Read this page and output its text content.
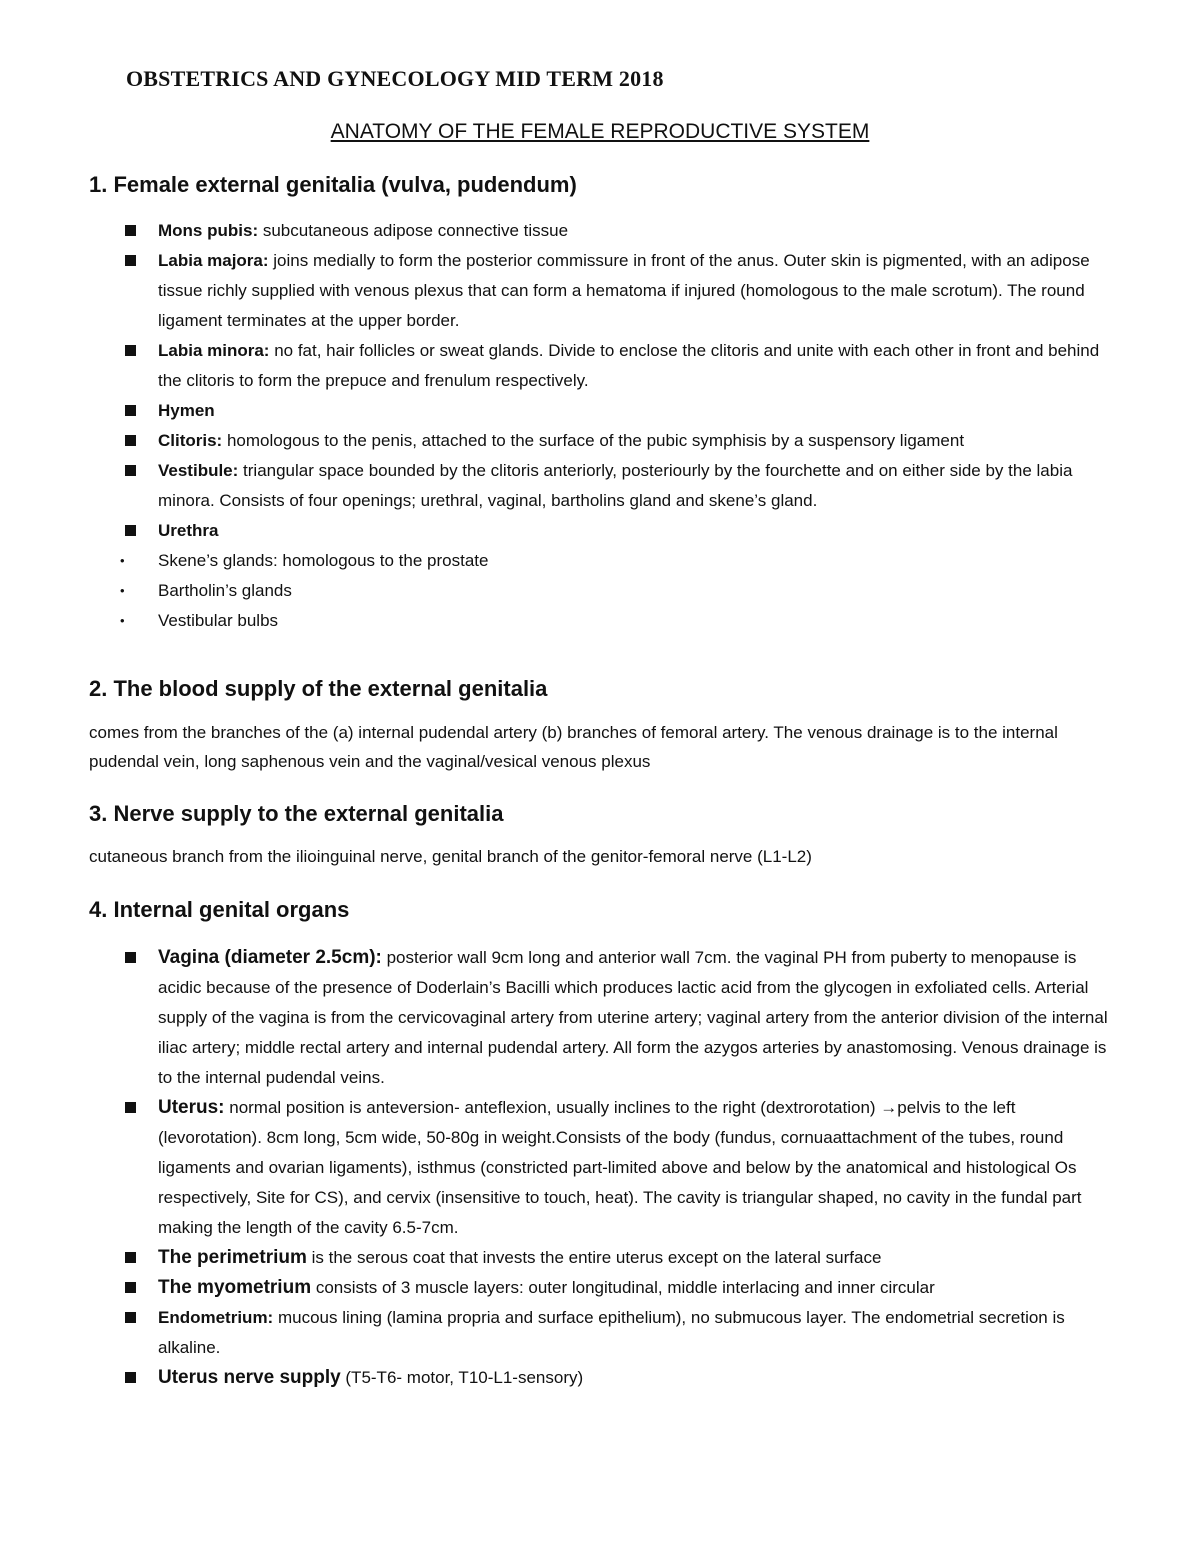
OBSTETRICS AND GYNECOLOGY MID TERM 2018
ANATOMY OF THE FEMALE REPRODUCTIVE SYSTEM
1. Female external genitalia (vulva, pudendum)
Mons pubis: subcutaneous adipose connective tissue
Labia majora: joins medially to form the posterior commissure in front of the anus. Outer skin is pigmented, with an adipose tissue richly supplied with venous plexus that can form a hematoma if injured (homologous to the male scrotum). The round ligament terminates at the upper border.
Labia minora: no fat, hair follicles or sweat glands. Divide to enclose the clitoris and unite with each other in front and behind the clitoris to form the prepuce and frenulum respectively.
Hymen
Clitoris: homologous to the penis, attached to the surface of the pubic symphisis by a suspensory ligament
Vestibule: triangular space bounded by the clitoris anteriorly, posteriourly by the fourchette and on either side by the labia minora. Consists of four openings; urethral, vaginal, bartholins gland and skene’s gland.
Urethra
• Skene’s glands: homologous to the prostate
• Bartholin’s glands
• Vestibular bulbs
2. The blood supply of the external genitalia
comes from the branches of the (a) internal pudendal artery (b) branches of femoral artery. The venous drainage is to the internal pudendal vein, long saphenous vein and the vaginal/vesical venous plexus
3. Nerve supply to the external genitalia
cutaneous branch from the ilioinguinal nerve, genital branch of the genitor-femoral nerve (L1-L2)
4. Internal genital organs
Vagina (diameter 2.5cm): posterior wall 9cm long and anterior wall 7cm. the vaginal PH from puberty to menopause is acidic because of the presence of Doderlain’s Bacilli which produces lactic acid from the glycogen in exfoliated cells. Arterial supply of the vagina is from the cervicovaginal artery from uterine artery; vaginal artery from the anterior division of the internal iliac artery; middle rectal artery and internal pudendal artery. All form the azygos arteries by anastomosing. Venous drainage is to the internal pudendal veins.
Uterus: normal position is anteversion- anteflexion, usually inclines to the right (dextrorotation) →pelvis to the left (levorotation). 8cm long, 5cm wide, 50-80g in weight.Consists of the body (fundus, cornuaattachment of the tubes, round ligaments and ovarian ligaments), isthmus (constricted part-limited above and below by the anatomical and histological Os respectively, Site for CS), and cervix (insensitive to touch, heat). The cavity is triangular shaped, no cavity in the fundal part making the length of the cavity 6.5-7cm.
The perimetrium is the serous coat that invests the entire uterus except on the lateral surface
The myometrium consists of 3 muscle layers: outer longitudinal, middle interlacing and inner circular
Endometrium: mucous lining (lamina propria and surface epithelium), no submucous layer. The endometrial secretion is alkaline.
Uterus nerve supply (T5-T6- motor, T10-L1-sensory)
